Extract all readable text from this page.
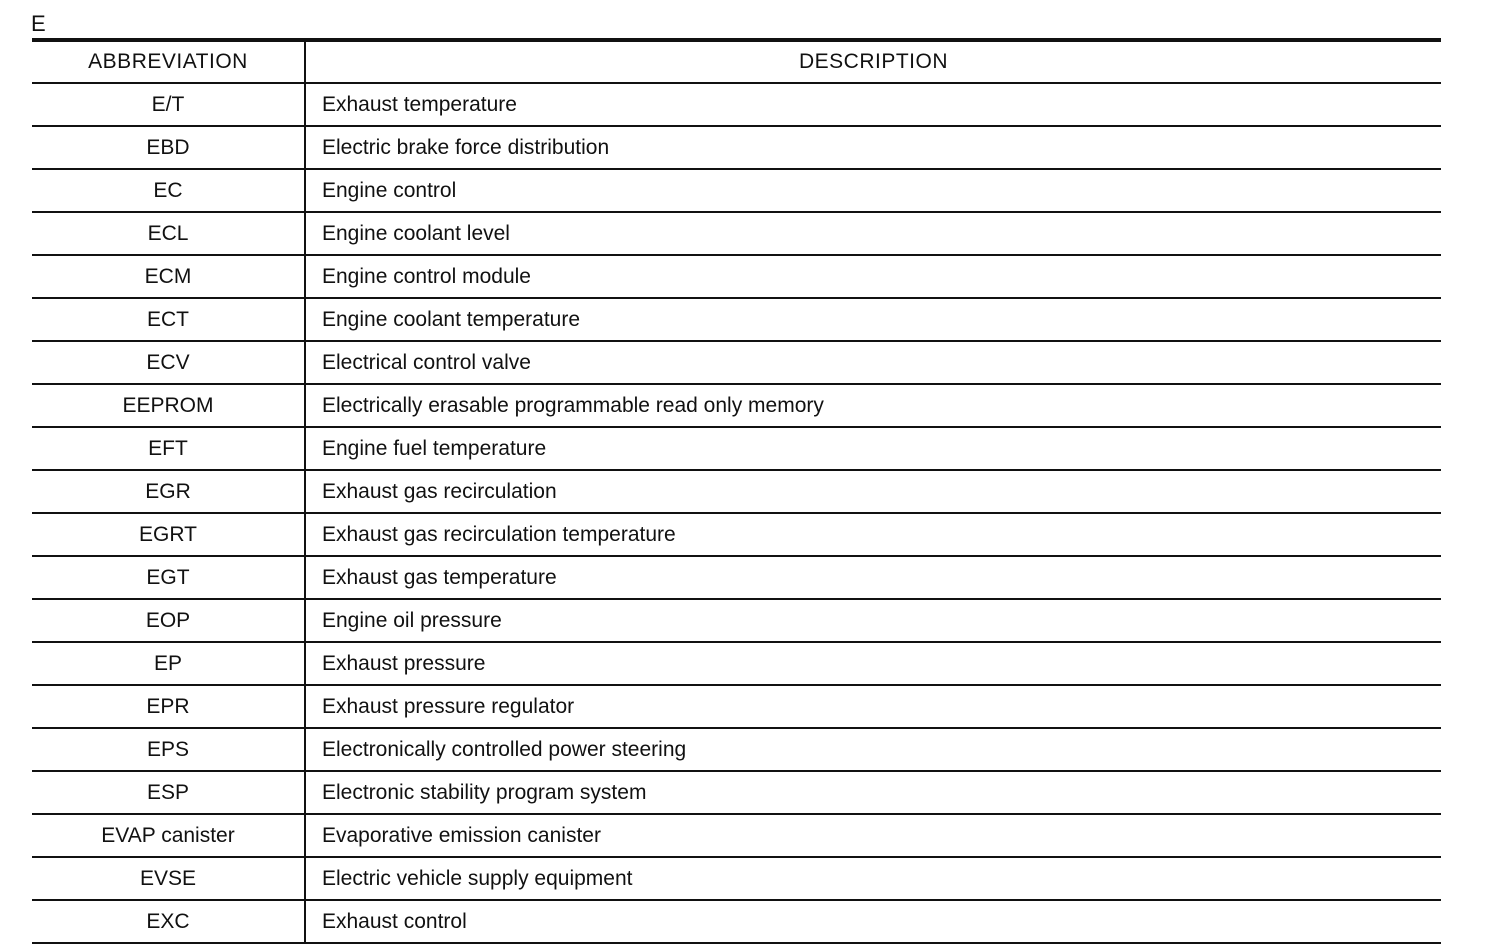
E
ABBREVIATION	DESCRIPTION
E/T	Exhaust temperature
EBD	Electric brake force distribution
EC	Engine control
ECL	Engine coolant level
ECM	Engine control module
ECT	Engine coolant temperature
ECV	Electrical control valve
EEPROM	Electrically erasable programmable read only memory
EFT	Engine fuel temperature
EGR	Exhaust gas recirculation
EGRT	Exhaust gas recirculation temperature
EGT	Exhaust gas temperature
EOP	Engine oil pressure
EP	Exhaust pressure
EPR	Exhaust pressure regulator
EPS	Electronically controlled power steering
ESP	Electronic stability program system
EVAP canister	Evaporative emission canister
EVSE	Electric vehicle supply equipment
EXC	Exhaust control
